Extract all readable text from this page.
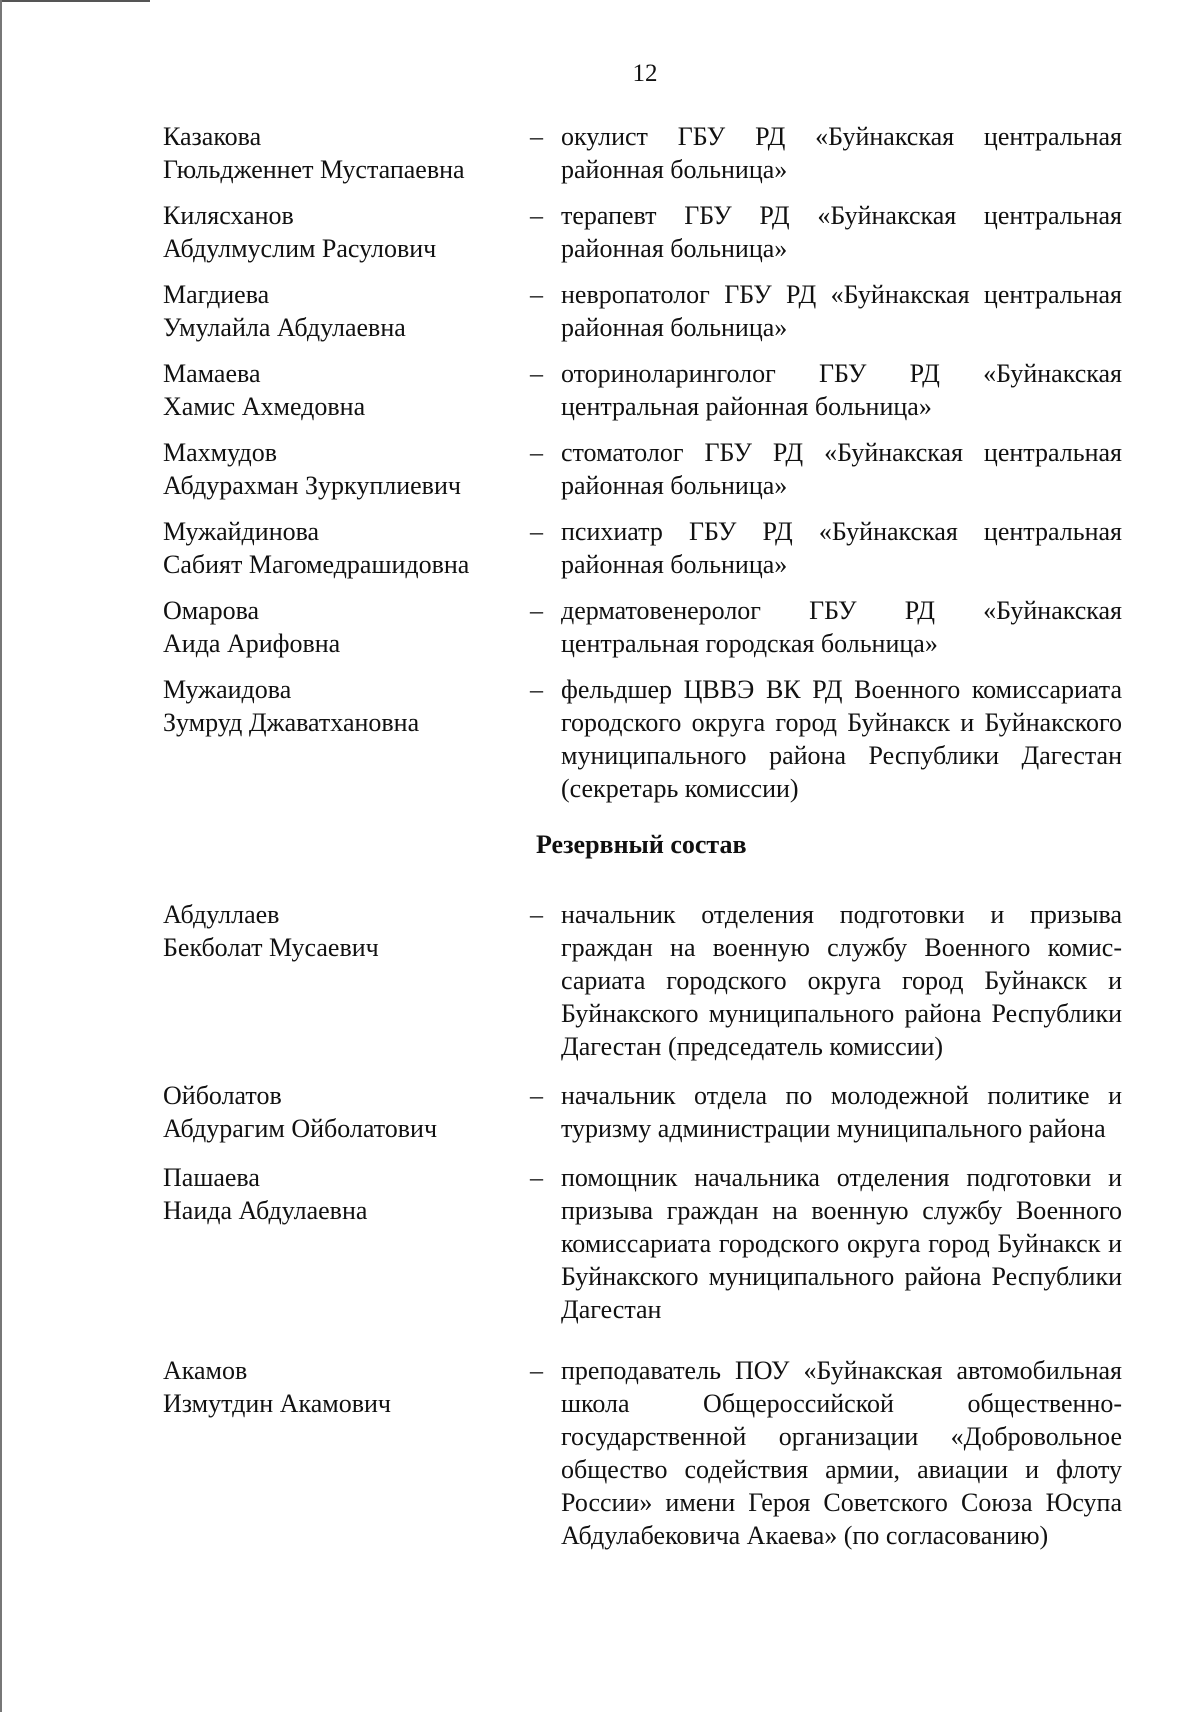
12
Казакова
Гюльдженнет Мустапаевна
– окулист ГБУ РД «Буйнакская центральная районная больница»
Килясханов
Абдулмуслим Расулович
– терапевт ГБУ РД «Буйнакская центральная районная больница»
Магдиева
Умулайла Абдулаевна
– невропатолог ГБУ РД «Буйнакская центральная районная больница»
Мамаева
Хамис Ахмедовна
– оториноларинголог ГБУ РД «Буйнакская центральная районная больница»
Махмудов
Абдурахман Зуркуплиевич
– стоматолог ГБУ РД «Буйнакская центральная районная больница»
Мужайдинова
Сабият Магомедрашидовна
– психиатр ГБУ РД «Буйнакская центральная районная больница»
Омарова
Аида Арифовна
– дерматовенеролог ГБУ РД «Буйнакская центральная городская больница»
Мужаидова
Зумруд Джаватхановна
– фельдшер ЦВВЭ ВК РД Военного комиссариата городского округа город Буйнакск и Буйнакского муниципального района Республики Дагестан (секретарь комиссии)
Резервный состав
Абдуллаев
Бекболат Мусаевич
– начальник отделения подготовки и призыва граждан на военную службу Военного комиссариата городского округа город Буйнакск и Буйнакского муниципального района Республики Дагестан (председатель комиссии)
Ойболатов
Абдурагим Ойболатович
– начальник отдела по молодежной политике и туризму администрации муниципального района
Пашаева
Наида Абдулаевна
– помощник начальника отделения подготовки и призыва граждан на военную службу Военного комиссариата городского округа город Буйнакск и Буйнакского муниципального района Республики Дагестан
Акамов
Измутдин Акамович
– преподаватель ПОУ «Буйнакская автомобильная школа Общероссийской общественно-государственной организации «Добровольное общество содействия армии, авиации и флоту России» имени Героя Советского Союза Юсупа Абдулабековича Акаева» (по согласованию)
